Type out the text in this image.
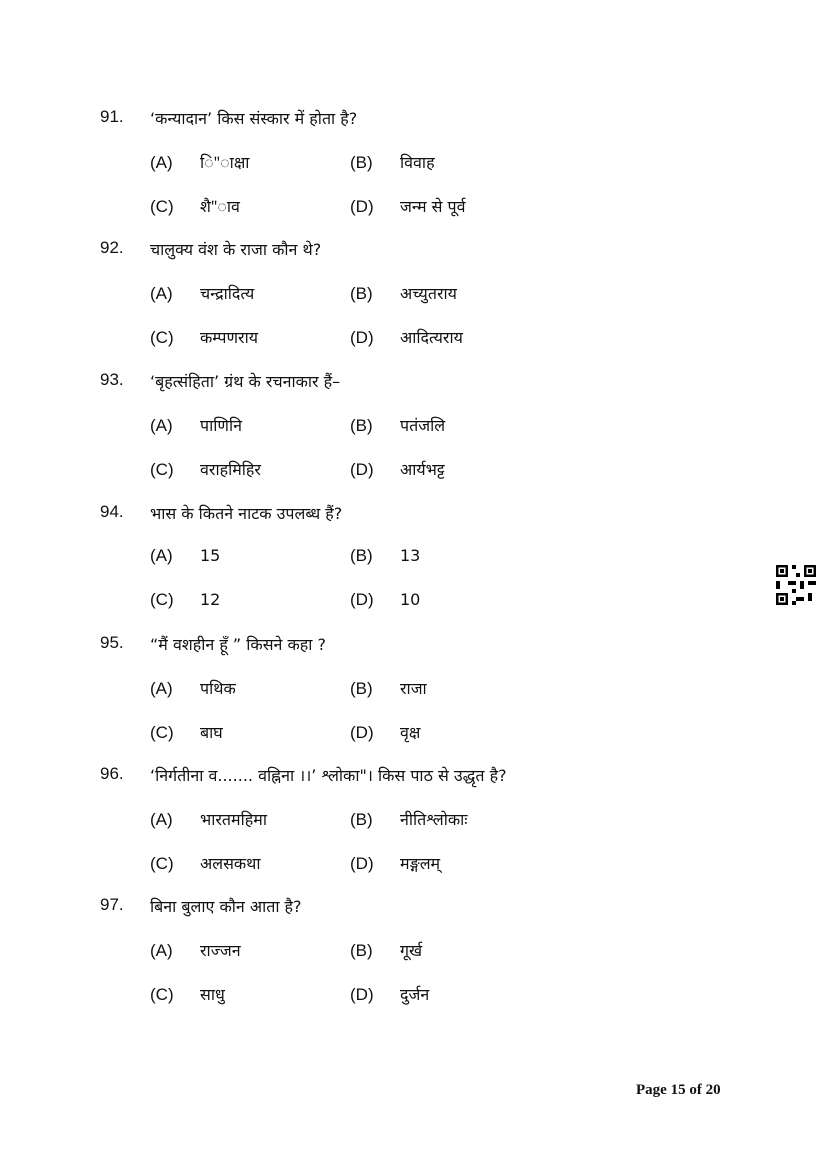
91. ‘कन्यादान’ किस संस्कार में होता है?
(A) ि"ाक्षा	(B) विवाह
(C) शै"ाव	(D) जन्म से पूर्व
92. चालुक्य वंश के राजा कौन थे?
(A) चन्द्रादित्य	(B) अच्युतराय
(C) कम्पणराय	(D) आदित्यराय
93. ‘बृहत्संहिता’ ग्रंथ के रचनाकार हैं–
(A) पाणिनि	(B) पतंजलि
(C) वराहमिहिर	(D) आर्यभट्ट
94. भास के कितने नाटक उपलब्ध हैं?
(A) 15	(B) 13
(C) 12	(D) 10
95. “मैं वशहीन हूँ ” किसने कहा ?
(A) पथिक	(B) राजा
(C) बाघ	(D) वृक्ष
96. ‘निर्गतीना व....... वह्निना ।।’ श्लोका"। किस पाठ से उद्धृत है?
(A) भारतमहिमा	(B) नीतिश्लोकाः
(C) अलसकथा	(D) मङ्गलम्
97. बिना बुलाए कौन आता है?
(A) राज्जन	(B) गूर्ख
(C) साधु	(D) दुर्जन
Page 15 of 20
